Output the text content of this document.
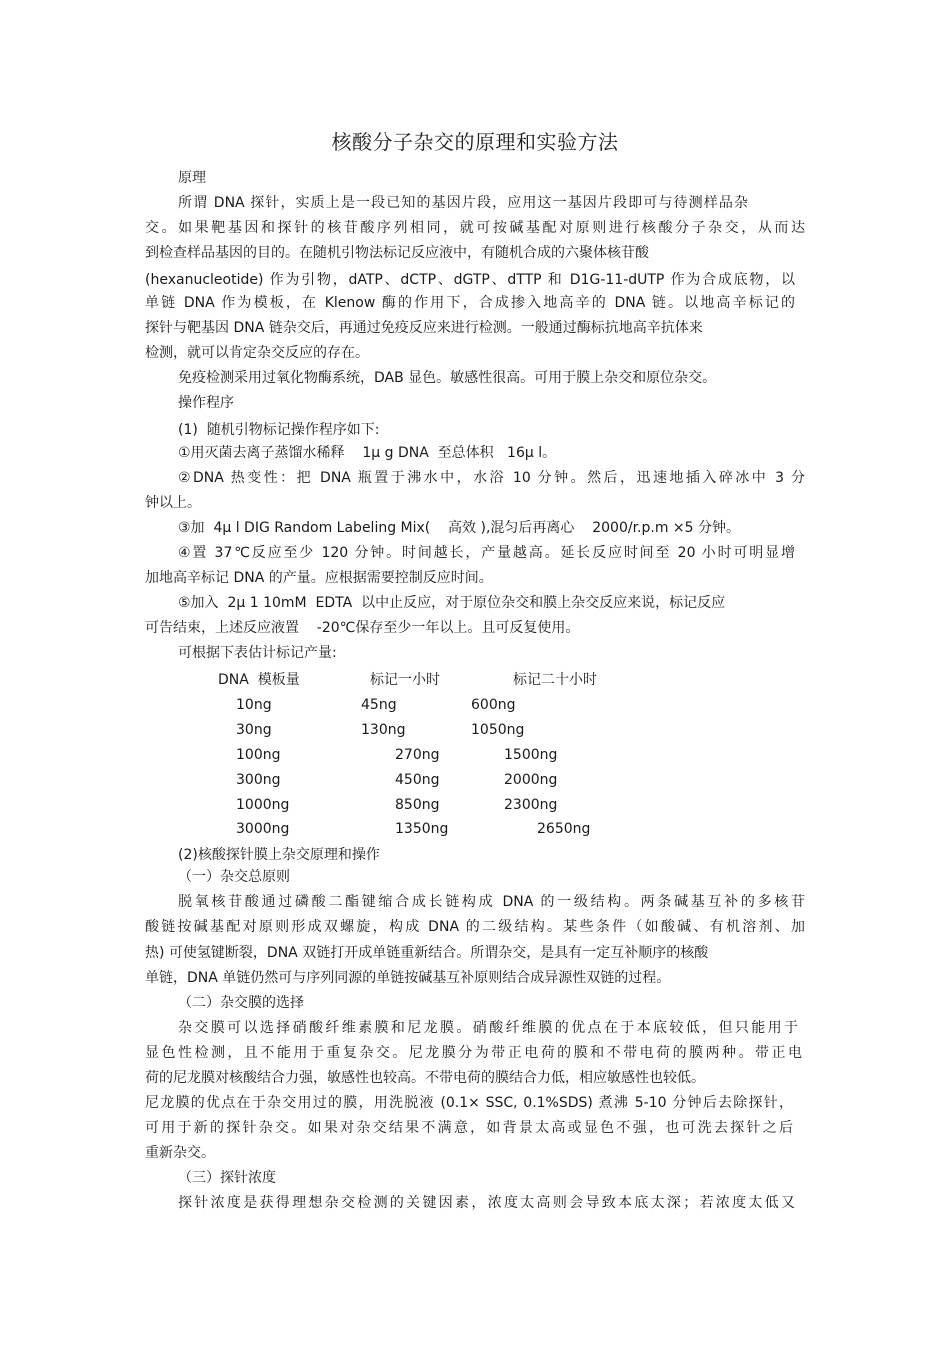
核酸分子杂交的原理和实验方法
原理
所谓 DNA 探针，实质上是一段已知的基因片段，应用这一基因片段即可与待测样品杂
交。如果靶基因和探针的核苷酸序列相同，就可按碱基配对原则进行核酸分子杂交，从而达
到检查样品基因的目的。在随机引物法标记反应液中，有随机合成的六聚体核苷酸
(hexanucleotide) 作为引物，dATP、dCTP、dGTP、dTTP 和 D1G-11-dUTP 作为合成底物，以
单链 DNA 作为模板，在 Klenow 酶的作用下，合成掺入地高辛的 DNA 链。以地高辛标记的
探针与靶基因 DNA 链杂交后，再通过免疫反应来进行检测。一般通过酶标抗地高辛抗体来
检测，就可以肯定杂交反应的存在。
免疫检测采用过氧化物酶系统，DAB 显色。敏感性很高。可用于膜上杂交和原位杂交。
操作程序
(1)  随机引物标记操作程序如下:
①用灭菌去离子蒸馏水稀释    1μ g DNA  至总体积   16μ l。
②DNA 热变性：把 DNA 瓶置于沸水中，水浴 10 分钟。然后，迅速地插入碎冰中 3 分
钟以上。
③加  4μ l DIG Random Labeling Mix(    高效 ),混匀后再离心    2000/r.p.m ×5 分钟。
④置 37℃反应至少 120 分钟。时间越长，产量越高。延长反应时间至 20 小时可明显增
加地高辛标记 DNA 的产量。应根据需要控制反应时间。
⑤加入  2μ 1 10mM  EDTA  以中止反应，对于原位杂交和膜上杂交反应来说，标记反应
可告结束，上述反应液置    -20℃保存至少一年以上。且可反复使用。
可根据下表估计标记产量:
DNA  模板量	标记一小时	标记二十小时
10ng	45ng	600ng
30ng	130ng	1050ng
100ng	270ng	1500ng
300ng	450ng	2000ng
1000ng	850ng	2300ng
3000ng	1350ng	2650ng
(2)核酸探针膜上杂交原理和操作
（一）杂交总原则
脱氧核苷酸通过磷酸二酯键缩合成长链构成 DNA 的一级结构。两条碱基互补的多核苷
酸链按碱基配对原则形成双螺旋，构成 DNA 的二级结构。某些条件（如酸碱、有机溶剂、加
热) 可使氢键断裂，DNA 双链打开成单链重新结合。所谓杂交，是具有一定互补顺序的核酸
单链，DNA 单链仍然可与序列同源的单链按碱基互补原则结合成异源性双链的过程。
（二）杂交膜的选择
杂交膜可以选择硝酸纤维素膜和尼龙膜。硝酸纤维膜的优点在于本底较低，但只能用于
显色性检测，且不能用于重复杂交。尼龙膜分为带正电荷的膜和不带电荷的膜两种。带正电
荷的尼龙膜对核酸结合力强，敏感性也较高。不带电荷的膜结合力低，相应敏感性也较低。
尼龙膜的优点在于杂交用过的膜，用洗脱液 (0.1× SSC, 0.1%SDS) 煮沸 5-10 分钟后去除探针，
可用于新的探针杂交。如果对杂交结果不满意，如背景太高或显色不强，也可洗去探针之后
重新杂交。
（三）探针浓度
探针浓度是获得理想杂交检测的关键因素，浓度太高则会导致本底太深；若浓度太低又
